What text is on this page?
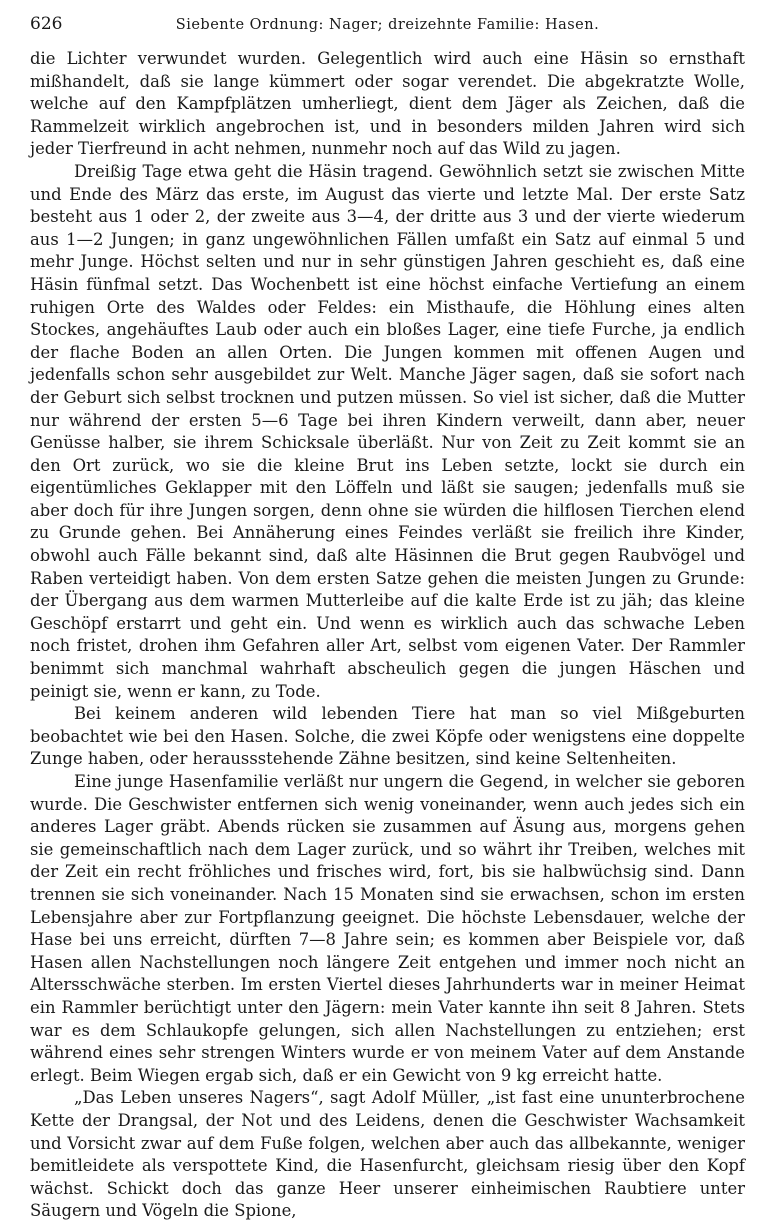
626	Siebente Ordnung: Nager; dreizehnte Familie: Hasen.

die Lichter verwundet wurden. Gelegentlich wird auch eine Häsin so ernsthaft mißhandelt, daß sie lange kümmert oder sogar verendet. Die abgekratzte Wolle, welche auf den Kampfplätzen umherliegt, dient dem Jäger als Zeichen, daß die Rammelzeit wirklich angebrochen ist, und in besonders milden Jahren wird sich jeder Tierfreund in acht nehmen, nunmehr noch auf das Wild zu jagen.

Dreißig Tage etwa geht die Häsin tragend. Gewöhnlich setzt sie zwischen Mitte und Ende des März das erste, im August das vierte und letzte Mal. Der erste Satz besteht aus 1 oder 2, der zweite aus 3—4, der dritte aus 3 und der vierte wiederum aus 1—2 Jungen; in ganz ungewöhnlichen Fällen umfaßt ein Satz auf einmal 5 und mehr Junge. Höchst selten und nur in sehr günstigen Jahren geschieht es, daß eine Häsin fünfmal setzt. Das Wochenbett ist eine höchst einfache Vertiefung an einem ruhigen Orte des Waldes oder Feldes: ein Misthaufe, die Höhlung eines alten Stockes, angehäuftes Laub oder auch ein bloßes Lager, eine tiefe Furche, ja endlich der flache Boden an allen Orten. Die Jungen kommen mit offenen Augen und jedenfalls schon sehr ausgebildet zur Welt. Manche Jäger sagen, daß sie sofort nach der Geburt sich selbst trocknen und putzen müssen. So viel ist sicher, daß die Mutter nur während der ersten 5—6 Tage bei ihren Kindern verweilt, dann aber, neuer Genüsse halber, sie ihrem Schicksale überläßt. Nur von Zeit zu Zeit kommt sie an den Ort zurück, wo sie die kleine Brut ins Leben setzte, lockt sie durch ein eigentümliches Geklapper mit den Löffeln und läßt sie saugen; jedenfalls muß sie aber doch für ihre Jungen sorgen, denn ohne sie würden die hilflosen Tierchen elend zu Grunde gehen. Bei Annäherung eines Feindes verläßt sie freilich ihre Kinder, obwohl auch Fälle bekannt sind, daß alte Häsinnen die Brut gegen Raubvögel und Raben verteidigt haben. Von dem ersten Satze gehen die meisten Jungen zu Grunde: der Übergang aus dem warmen Mutterleibe auf die kalte Erde ist zu jäh; das kleine Geschöpf erstarrt und geht ein. Und wenn es wirklich auch das schwache Leben noch fristet, drohen ihm Gefahren aller Art, selbst vom eigenen Vater. Der Rammler benimmt sich manchmal wahrhaft abscheulich gegen die jungen Häschen und peinigt sie, wenn er kann, zu Tode.

Bei keinem anderen wild lebenden Tiere hat man so viel Mißgeburten beobachtet wie bei den Hasen. Solche, die zwei Köpfe oder wenigstens eine doppelte Zunge haben, oder heraussstehende Zähne besitzen, sind keine Seltenheiten.

Eine junge Hasenfamilie verläßt nur ungern die Gegend, in welcher sie geboren wurde. Die Geschwister entfernen sich wenig voneinander, wenn auch jedes sich ein anderes Lager gräbt. Abends rücken sie zusammen auf Äsung aus, morgens gehen sie gemeinschaftlich nach dem Lager zurück, und so währt ihr Treiben, welches mit der Zeit ein recht fröhliches und frisches wird, fort, bis sie halbwüchsig sind. Dann trennen sie sich voneinander. Nach 15 Monaten sind sie erwachsen, schon im ersten Lebensjahre aber zur Fortpflanzung geeignet. Die höchste Lebensdauer, welche der Hase bei uns erreicht, dürften 7—8 Jahre sein; es kommen aber Beispiele vor, daß Hasen allen Nachstellungen noch längere Zeit entgehen und immer noch nicht an Altersschwäche sterben. Im ersten Viertel dieses Jahrhunderts war in meiner Heimat ein Rammler berüchtigt unter den Jägern: mein Vater kannte ihn seit 8 Jahren. Stets war es dem Schlaukopfe gelungen, sich allen Nachstellungen zu entziehen; erst während eines sehr strengen Winters wurde er von meinem Vater auf dem Anstande erlegt. Beim Wiegen ergab sich, daß er ein Gewicht von 9 kg erreicht hatte.

„Das Leben unseres Nagers“, sagt Adolf Müller, „ist fast eine ununterbrochene Kette der Drangsal, der Not und des Leidens, denen die Geschwister Wachsamkeit und Vorsicht zwar auf dem Fuße folgen, welchen aber auch das allbekannte, weniger bemitleidete als verspottete Kind, die Hasenfurcht, gleichsam riesig über den Kopf wächst. Schickt doch das ganze Heer unserer einheimischen Raubtiere unter Säugern und Vögeln die Spione,
